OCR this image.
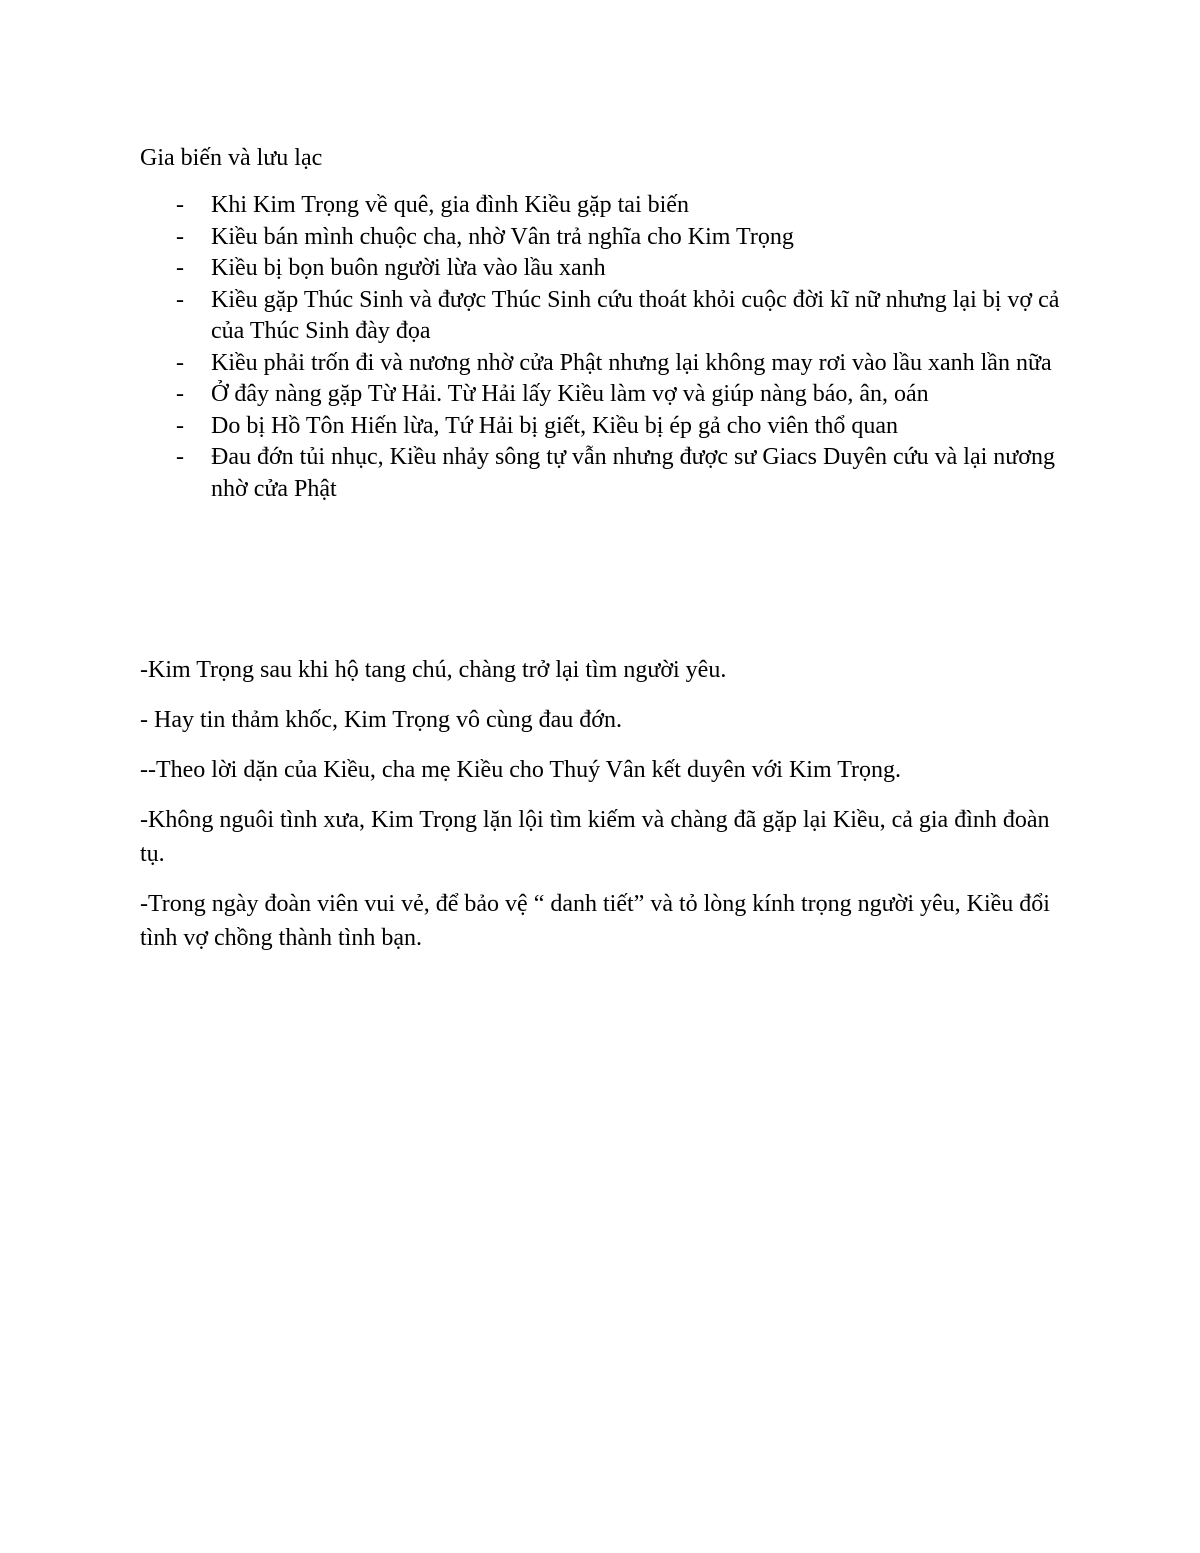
Gia biến và lưu lạc

- Khi Kim Trọng về quê, gia đình Kiều gặp tai biến
- Kiều bán mình chuộc cha, nhờ Vân trả nghĩa cho Kim Trọng
- Kiều bị bọn buôn người lừa vào lầu xanh
- Kiều gặp Thúc Sinh và được Thúc Sinh cứu thoát khỏi cuộc đời kĩ nữ nhưng lại bị vợ cả của Thúc Sinh đày đọa
- Kiều phải trốn đi và nương nhờ cửa Phật nhưng lại không may rơi vào lầu xanh lần nữa
- Ở đây nàng gặp Từ Hải. Từ Hải lấy Kiều làm vợ và giúp nàng báo, ân, oán
- Do bị Hồ Tôn Hiến lừa, Tứ Hải bị giết, Kiều bị ép gả cho viên thổ quan
- Đau đớn tủi nhục, Kiều nhảy sông tự vẫn nhưng được sư Giacs Duyên cứu và lại nương nhờ cửa Phật

-Kim Trọng sau khi hộ tang chú, chàng trở lại tìm người yêu.

- Hay tin thảm khốc, Kim Trọng vô cùng đau đớn.

--Theo lời dặn của Kiều, cha mẹ Kiều cho Thuý Vân kết duyên với Kim Trọng.

-Không nguôi tình xưa, Kim Trọng lặn lội tìm kiếm và chàng đã gặp lại Kiều, cả gia đình đoàn tụ.

-Trong ngày đoàn viên vui vẻ, để bảo vệ “ danh tiết” và tỏ lòng kính trọng người yêu, Kiều đổi tình vợ chồng thành tình bạn.
